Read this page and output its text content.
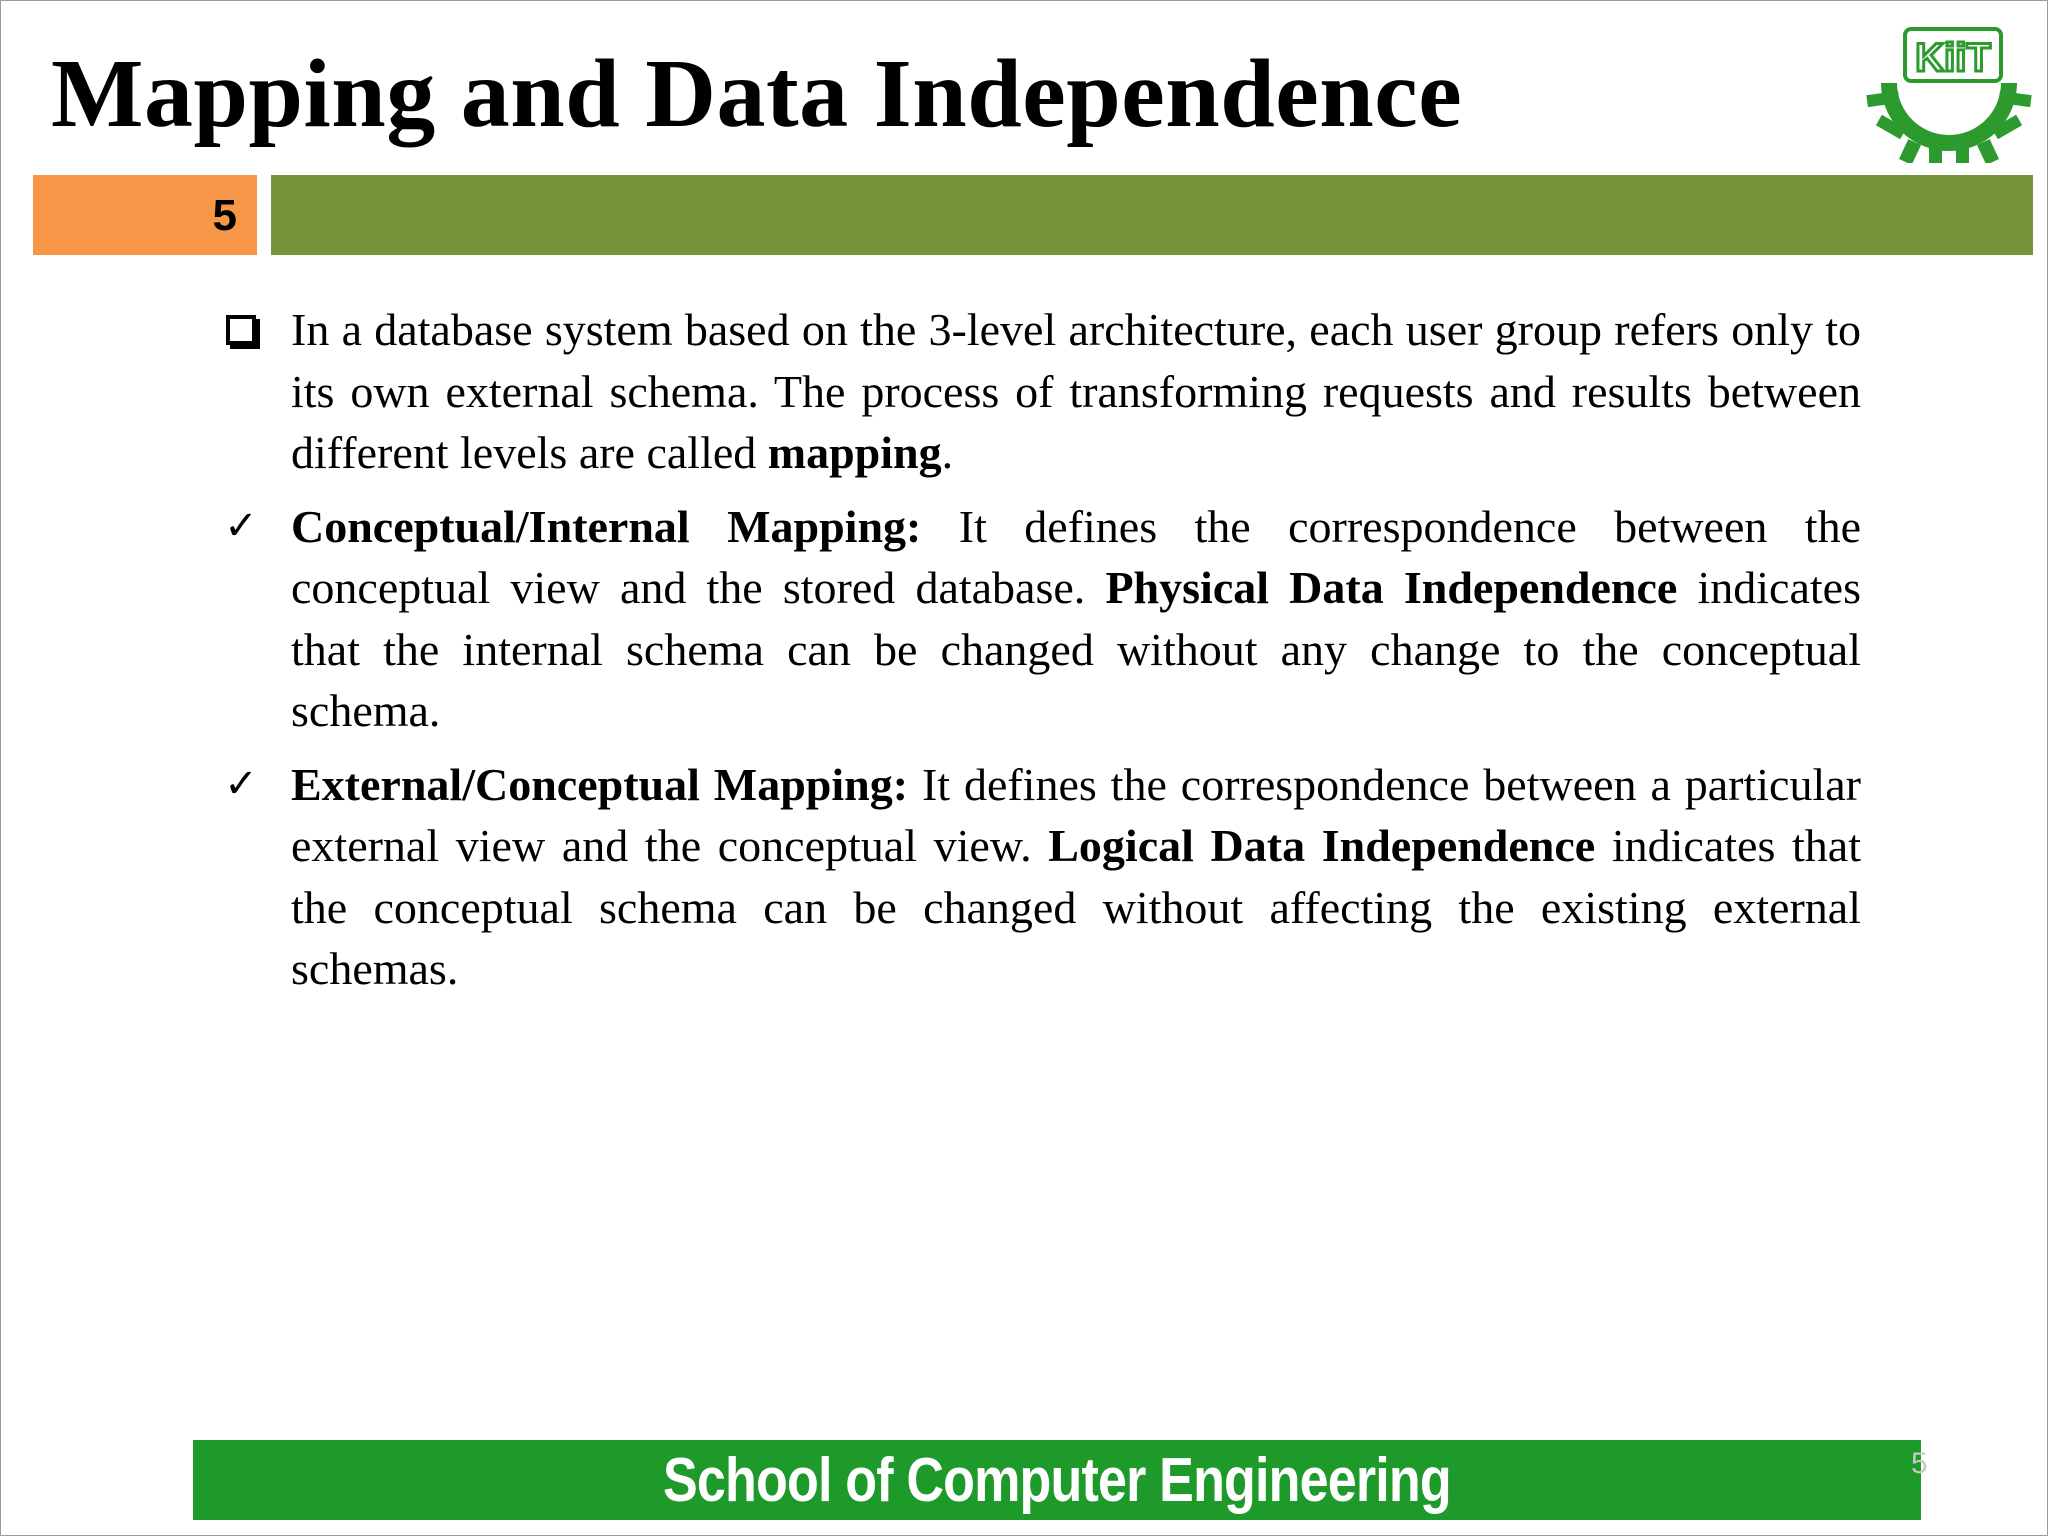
Mapping and Data Independence	KiiT
5
In a database system based on the 3-level architecture, each user group refers only to its own external schema. The process of transforming requests and results between different levels are called mapping.
✓ Conceptual/Internal Mapping: It defines the correspondence between the conceptual view and the stored database. Physical Data Independence indicates that the internal schema can be changed without any change to the conceptual schema.
✓ External/Conceptual Mapping: It defines the correspondence between a particular external view and the conceptual view. Logical Data Independence indicates that the conceptual schema can be changed without affecting the existing external schemas.
School of Computer Engineering	5
